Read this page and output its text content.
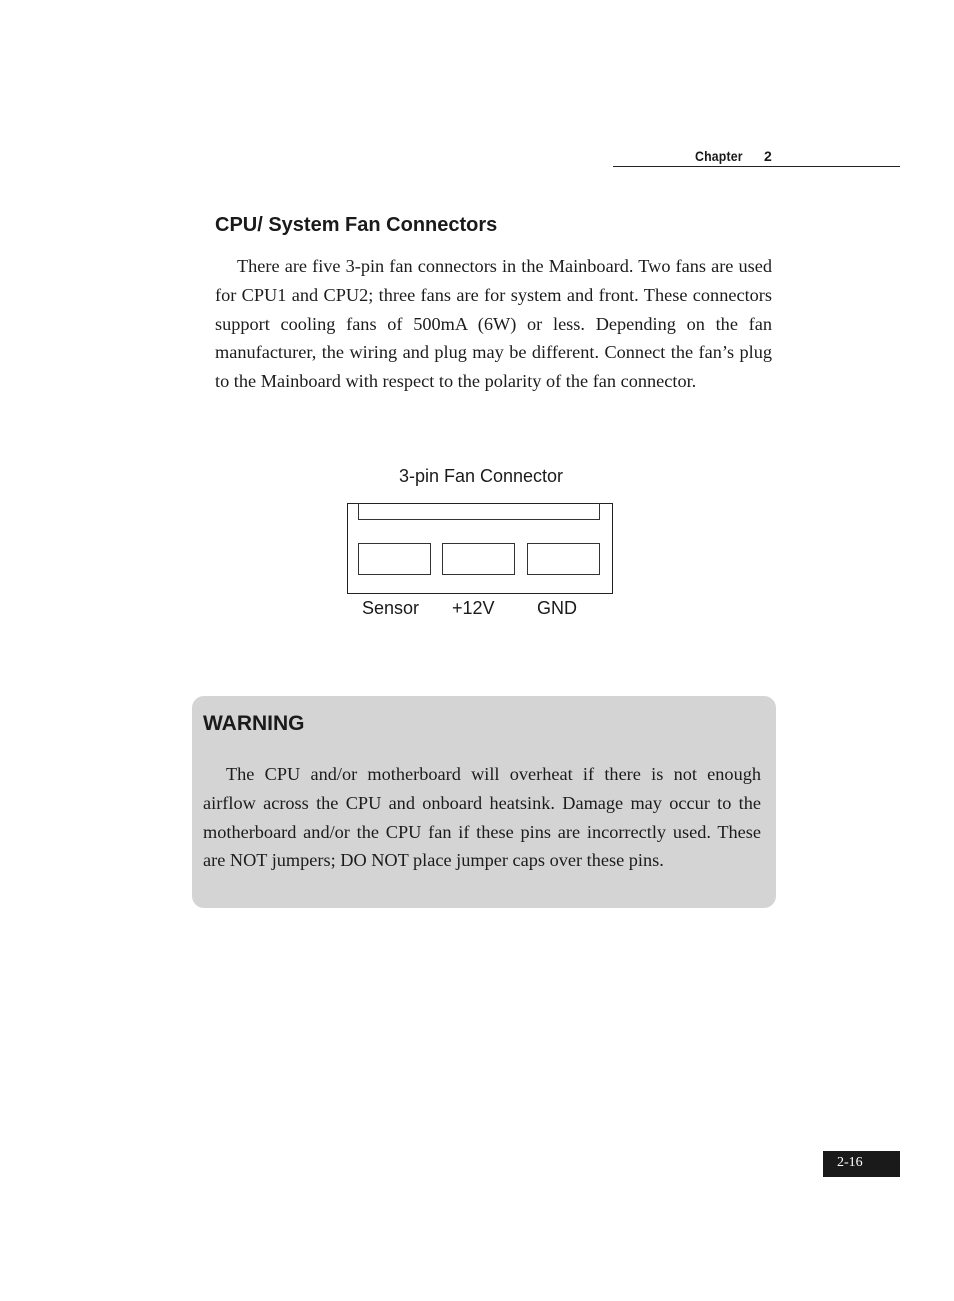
Chapter 2
CPU/ System Fan Connectors

There are five 3-pin fan connectors in the Mainboard. Two fans are used for CPU1 and CPU2; three fans are for system and front. These connectors support cooling fans of 500mA (6W) or less. Depending on the fan manufacturer, the wiring and plug may be different. Connect the fan’s plug to the Mainboard with respect to the polarity of the fan connector.

3-pin Fan Connector
Sensor +12V GND
WARNING

The CPU and/or motherboard will overheat if there is not enough airflow across the CPU and onboard heatsink. Damage may occur to the motherboard and/or the CPU fan if these pins are incorrectly used. These are NOT jumpers; DO NOT place jumper caps over these pins.

2-16
